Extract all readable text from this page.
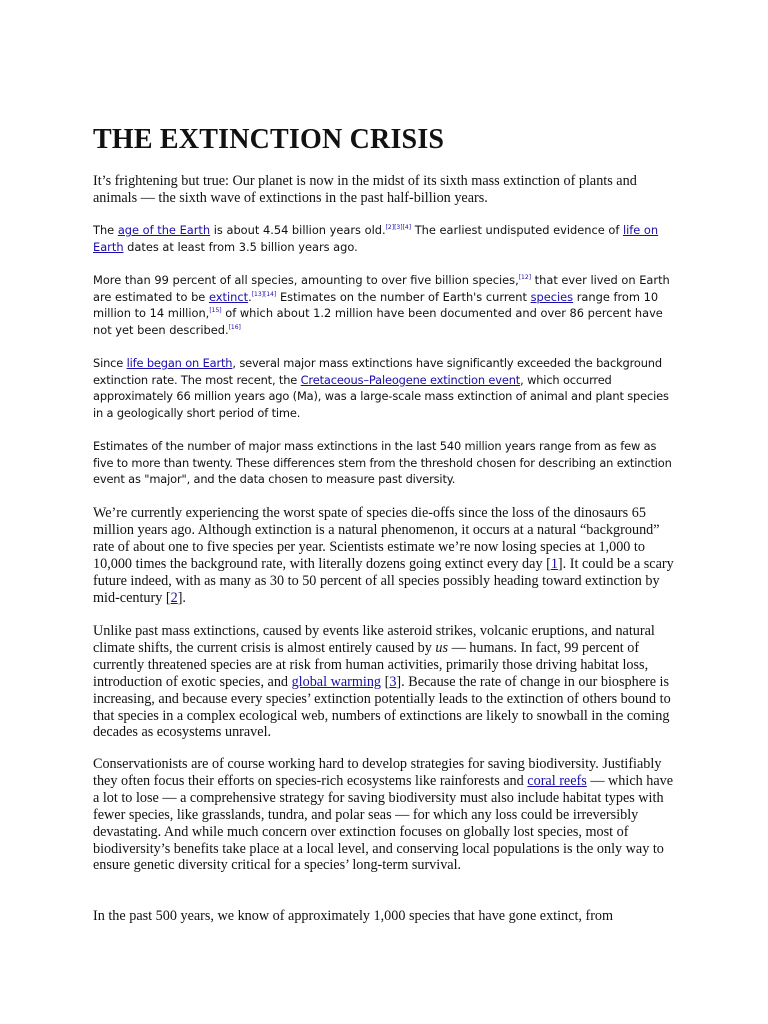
THE EXTINCTION CRISIS

It’s frightening but true: Our planet is now in the midst of its sixth mass extinction of plants and animals — the sixth wave of extinctions in the past half-billion years.

The age of the Earth is about 4.54 billion years old.[2][3][4] The earliest undisputed evidence of life on Earth dates at least from 3.5 billion years ago.

More than 99 percent of all species, amounting to over five billion species,[12] that ever lived on Earth are estimated to be extinct.[13][14] Estimates on the number of Earth's current species range from 10 million to 14 million,[15] of which about 1.2 million have been documented and over 86 percent have not yet been described.[16]

Since life began on Earth, several major mass extinctions have significantly exceeded the background extinction rate. The most recent, the Cretaceous–Paleogene extinction event, which occurred approximately 66 million years ago (Ma), was a large-scale mass extinction of animal and plant species in a geologically short period of time.

Estimates of the number of major mass extinctions in the last 540 million years range from as few as five to more than twenty. These differences stem from the threshold chosen for describing an extinction event as "major", and the data chosen to measure past diversity.

We’re currently experiencing the worst spate of species die-offs since the loss of the dinosaurs 65 million years ago. Although extinction is a natural phenomenon, it occurs at a natural “background” rate of about one to five species per year. Scientists estimate we’re now losing species at 1,000 to 10,000 times the background rate, with literally dozens going extinct every day [1]. It could be a scary future indeed, with as many as 30 to 50 percent of all species possibly heading toward extinction by mid-century [2].

Unlike past mass extinctions, caused by events like asteroid strikes, volcanic eruptions, and natural climate shifts, the current crisis is almost entirely caused by us — humans. In fact, 99 percent of currently threatened species are at risk from human activities, primarily those driving habitat loss, introduction of exotic species, and global warming [3]. Because the rate of change in our biosphere is increasing, and because every species’ extinction potentially leads to the extinction of others bound to that species in a complex ecological web, numbers of extinctions are likely to snowball in the coming decades as ecosystems unravel.

Conservationists are of course working hard to develop strategies for saving biodiversity. Justifiably they often focus their efforts on species-rich ecosystems like rainforests and coral reefs — which have a lot to lose — a comprehensive strategy for saving biodiversity must also include habitat types with fewer species, like grasslands, tundra, and polar seas — for which any loss could be irreversibly devastating. And while much concern over extinction focuses on globally lost species, most of biodiversity’s benefits take place at a local level, and conserving local populations is the only way to ensure genetic diversity critical for a species’ long-term survival.

In the past 500 years, we know of approximately 1,000 species that have gone extinct, from
